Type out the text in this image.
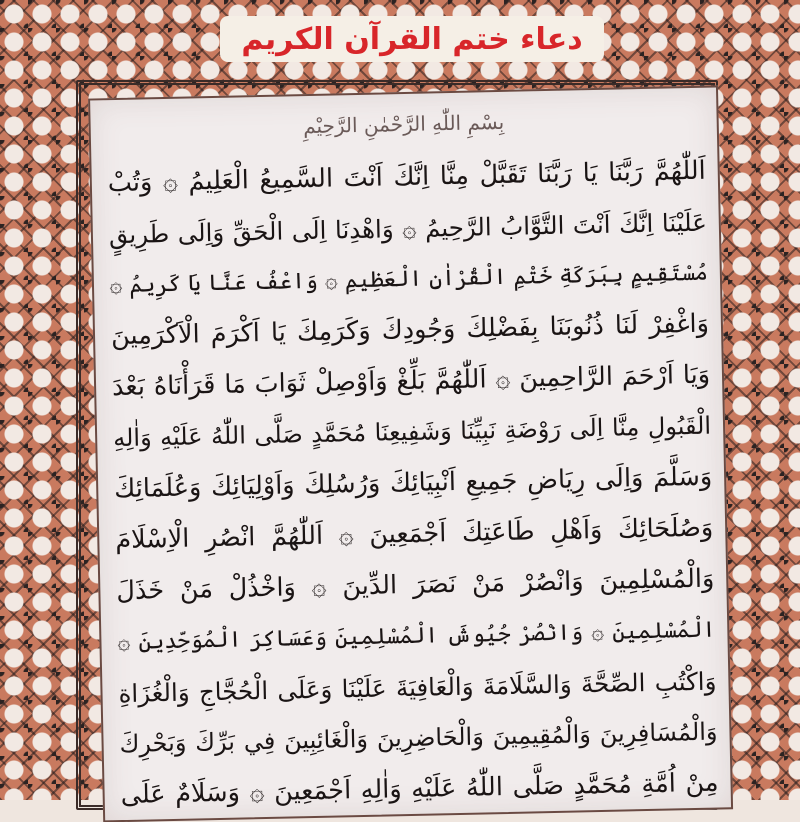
دعاء ختم القرآن الكريم
بِسْمِ اللّٰهِ الرَّحْمٰنِ الرَّحِيْمِ
اَللّٰهُمَّ رَبَّنَا يَا رَبَّنَا تَقَبَّلْ مِنَّا اِنَّكَ اَنْتَ السَّمِيعُ الْعَلِيمُ ۞ وَتُبْ
عَلَيْنَا اِنَّكَ اَنْتَ التَّوَّابُ الرَّحِيمُ ۞ وَاهْدِنَا اِلَى الْحَقِّ وَاِلَى طَرِيقٍ
مُسْتَقِيمٍ بِبَرَكَةِ خَتْمِ الْقُرْاٰنِ الْعَظِيمِ ۞ وَاعْفُ عَنَّا يَا كَرِيمُ ۞
وَاغْفِرْ لَنَا ذُنُوبَنَا بِفَضْلِكَ وَجُودِكَ وَكَرَمِكَ يَا اَكْرَمَ الْاَكْرَمِينَ
وَيَا اَرْحَمَ الرَّاحِمِينَ ۞ اَللّٰهُمَّ بَلِّغْ وَاَوْصِلْ ثَوَابَ مَا قَرَأْنَاهُ بَعْدَ
الْقَبُولِ مِنَّا اِلَى رَوْضَةِ نَبِيِّنَا وَشَفِيعِنَا مُحَمَّدٍ صَلَّى اللّٰهُ عَلَيْهِ وَاٰلِهِ
وَسَلَّمَ وَاِلَى رِيَاضِ جَمِيعِ اَنْبِيَائِكَ وَرُسُلِكَ وَاَوْلِيَائِكَ وَعُلَمَائِكَ
وَصُلَحَائِكَ وَاَهْلِ طَاعَتِكَ اَجْمَعِينَ ۞ اَللّٰهُمَّ انْصُرِ الْاِسْلَامَ
وَالْمُسْلِمِينَ وَانْصُرْ مَنْ نَصَرَ الدِّينَ ۞ وَاخْذُلْ مَنْ خَذَلَ
الْمُسْلِمِينَ ۞ وَانْصُرْ جُيُوشَ الْمُسْلِمِينَ وَعَسَاكِرَ الْمُوَحِّدِينَ ۞
وَاكْتُبِ الصِّحَّةَ وَالسَّلَامَةَ وَالْعَافِيَةَ عَلَيْنَا وَعَلَى الْحُجَّاجِ وَالْغُزَاةِ
وَالْمُسَافِرِينَ وَالْمُقِيمِينَ وَالْحَاضِرِينَ وَالْغَائِبِينَ فِي بَرِّكَ وَبَحْرِكَ
مِنْ اُمَّةِ مُحَمَّدٍ صَلَّى اللّٰهُ عَلَيْهِ وَاٰلِهِ اَجْمَعِينَ ۞ وَسَلَامٌ عَلَى
